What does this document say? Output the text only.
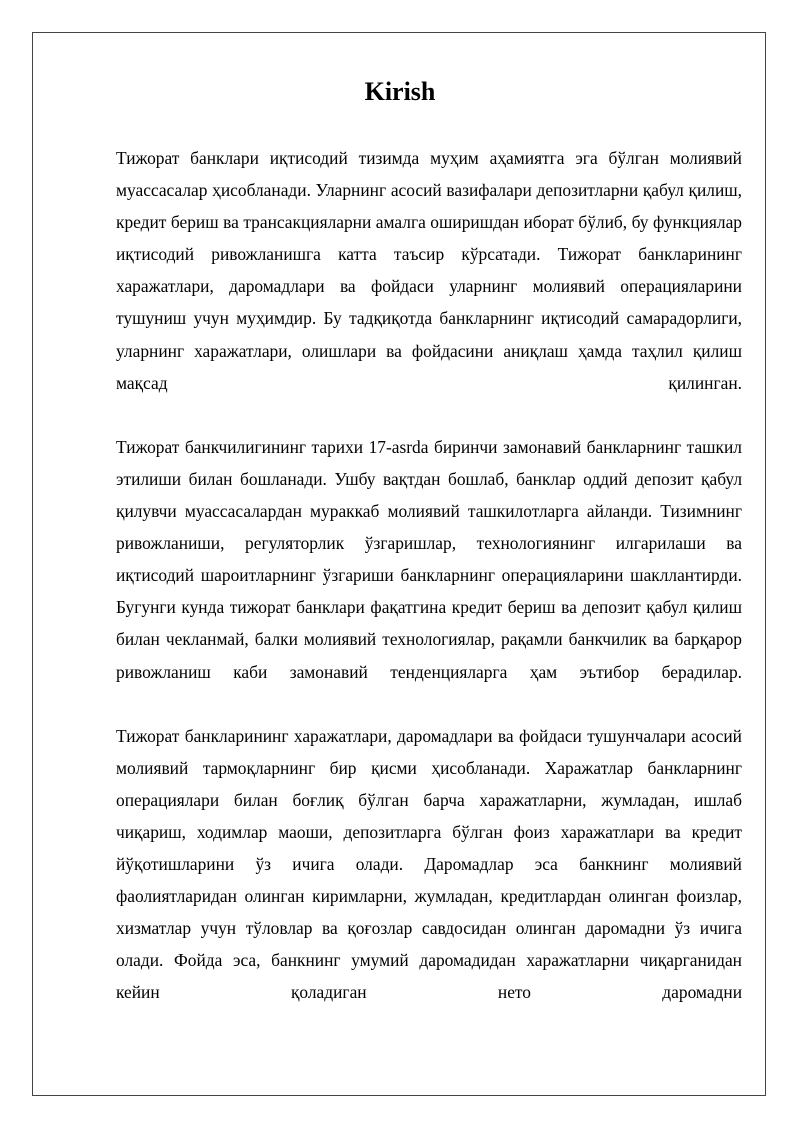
Kirish

Тижорат банклари иқтисодий тизимда муҳим аҳамиятга эга бўлган молиявий муассасалар ҳисобланади. Уларнинг асосий вазифалари депозитларни қабул қилиш, кредит бериш ва трансакцияларни амалга оширишдан иборат бўлиб, бу функциялар иқтисодий ривожланишга катта таъсир кўрсатади. Тижорат банкларининг харажатлари, даромадлари ва фойдаси уларнинг молиявий операцияларини тушуниш учун муҳимдир. Бу тадқиқотда банкларнинг иқтисодий самарадорлиги, уларнинг харажатлари, олишлари ва фойдасини аниқлаш ҳамда таҳлил қилиш мақсад қилинган.

Тижорат банкчилигининг тарихи 17-asrda биринчи замонавий банкларнинг ташкил этилиши билан бошланади. Ушбу вақтдан бошлаб, банклар оддий депозит қабул қилувчи муассасалардан мураккаб молиявий ташкилотларга айланди. Тизимнинг ривожланиши, регуляторлик ўзгаришлар, технологиянинг илгарилаши ва иқтисодий шароитларнинг ўзгариши банкларнинг операцияларини шакллантирди. Бугунги кунда тижорат банклари фақатгина кредит бериш ва депозит қабул қилиш билан чекланмай, балки молиявий технологиялар, рақамли банкчилик ва барқарор ривожланиш каби замонавий тенденцияларга ҳам эътибор берадилар.

Тижорат банкларининг харажатлари, даромадлари ва фойдаси тушунчалари асосий молиявий тармоқларнинг бир қисми ҳисобланади. Харажатлар банкларнинг операциялари билан боғлиқ бўлган барча харажатларни, жумладан, ишлаб чиқариш, ходимлар маоши, депозитларга бўлган фоиз харажатлари ва кредит йўқотишларини ўз ичига олади. Даромадлар эса банкнинг молиявий фаолиятларидан олинган киримларни, жумладан, кредитлардан олинган фоизлар, хизматлар учун тўловлар ва қоғозлар савдосидан олинган даромадни ўз ичига олади. Фойда эса, банкнинг умумий даромадидан харажатларни чиқарганидан кейин қоладиган нето даромадни
